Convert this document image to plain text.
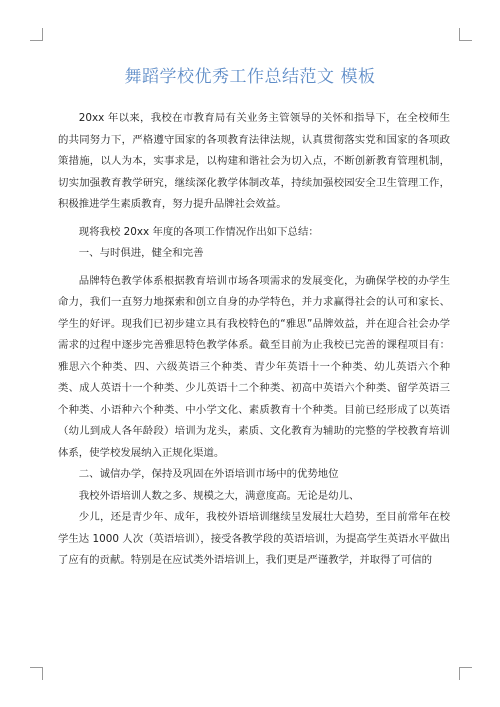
舞蹈学校优秀工作总结范文 模板

20xx 年以来，我校在市教育局有关业务主管领导的关怀和指导下，在全校师生的共同努力下，严格遵守国家的各项教育法律法规，认真贯彻落实党和国家的各项政策措施，以人为本，实事求是，以构建和谐社会为切入点，不断创新教育管理机制，切实加强教育教学研究，继续深化教学体制改革，持续加强校园安全卫生管理工作，积极推进学生素质教育，努力提升品牌社会效益。

现将我校 20xx 年度的各项工作情况作出如下总结：

一、与时俱进，健全和完善

品牌特色教学体系根据教育培训市场各项需求的发展变化，为确保学校的办学生命力，我们一直努力地探索和创立自身的办学特色，并力求赢得社会的认可和家长、学生的好评。现我们已初步建立具有我校特色的“雅思”品牌效益，并在迎合社会办学需求的过程中逐步完善雅思特色教学体系。截至目前为止我校已完善的课程项目有：雅思六个种类、四、六级英语三个种类、青少年英语十一个种类、幼儿英语六个种类、成人英语十一个种类、少儿英语十二个种类、初高中英语六个种类、留学英语三个种类、小语种六个种类、中小学文化、素质教育十个种类。目前已经形成了以英语（幼儿到成人各年龄段）培训为龙头，素质、文化教育为辅助的完整的学校教育培训体系，使学校发展纳入正规化渠道。

二、诚信办学，保持及巩固在外语培训市场中的优势地位

我校外语培训人数之多、规模之大，满意度高。无论是幼儿、

少儿，还是青少年、成年，我校外语培训继续呈发展壮大趋势，至目前常年在校学生达 1000 人次（英语培训），接受各教学段的英语培训，为提高学生英语水平做出了应有的贡献。特别是在应试类外语培训上，我们更是严谨教学，并取得了可信的
